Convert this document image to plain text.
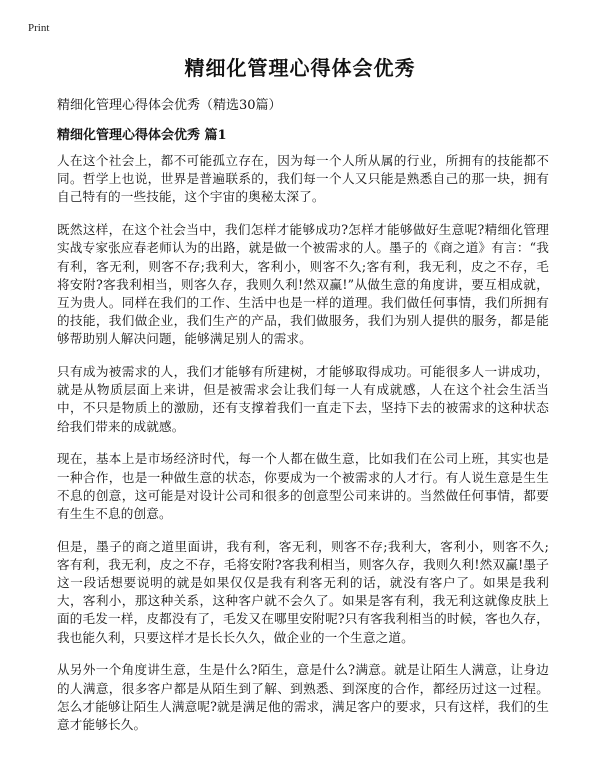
Print
精细化管理心得体会优秀
精细化管理心得体会优秀（精选30篇）
精细化管理心得体会优秀 篇1

人在这个社会上，都不可能孤立存在，因为每一个人所从属的行业，所拥有的技能都不同。哲学上也说，世界是普遍联系的，我们每一个人又只能是熟悉自己的那一块，拥有自己特有的一些技能，这个宇宙的奥秘太深了。

既然这样，在这个社会当中，我们怎样才能够成功?怎样才能够做好生意呢?精细化管理实战专家张应春老师认为的出路，就是做一个被需求的人。墨子的《商之道》有言：“我有利，客无利，则客不存;我利大，客利小，则客不久;客有利，我无利，皮之不存，毛将安附?客我利相当，则客久存，我则久利!然双赢!”从做生意的角度讲，要互相成就，互为贵人。同样在我们的工作、生活中也是一样的道理。我们做任何事情，我们所拥有的技能，我们做企业，我们生产的产品，我们做服务，我们为别人提供的服务，都是能够帮助别人解决问题，能够满足别人的需求。

只有成为被需求的人，我们才能够有所建树，才能够取得成功。可能很多人一讲成功，就是从物质层面上来讲，但是被需求会让我们每一人有成就感，人在这个社会生活当中，不只是物质上的激励，还有支撑着我们一直走下去，坚持下去的被需求的这种状态给我们带来的成就感。

现在，基本上是市场经济时代，每一个人都在做生意，比如我们在公司上班，其实也是一种合作，也是一种做生意的状态，你要成为一个被需求的人才行。有人说生意是生生不息的创意，这可能是对设计公司和很多的创意型公司来讲的。当然做任何事情，都要有生生不息的创意。

但是，墨子的商之道里面讲，我有利，客无利，则客不存;我利大，客利小，则客不久;客有利，我无利，皮之不存，毛将安附?客我利相当，则客久存，我则久利!然双赢!墨子这一段话想要说明的就是如果仅仅是我有利客无利的话，就没有客户了。如果是我利大，客利小，那这种关系，这种客户就不会久了。如果是客有利，我无利这就像皮肤上面的毛发一样，皮都没有了，毛发又在哪里安附呢?只有客我利相当的时候，客也久存，我也能久利，只要这样才是长长久久，做企业的一个生意之道。

从另外一个角度讲生意，生是什么?陌生，意是什么?满意。就是让陌生人满意，让身边的人满意，很多客户都是从陌生到了解、到熟悉、到深度的合作，都经历过这一过程。怎么才能够让陌生人满意呢?就是满足他的需求，满足客户的要求，只有这样，我们的生意才能够长久。
